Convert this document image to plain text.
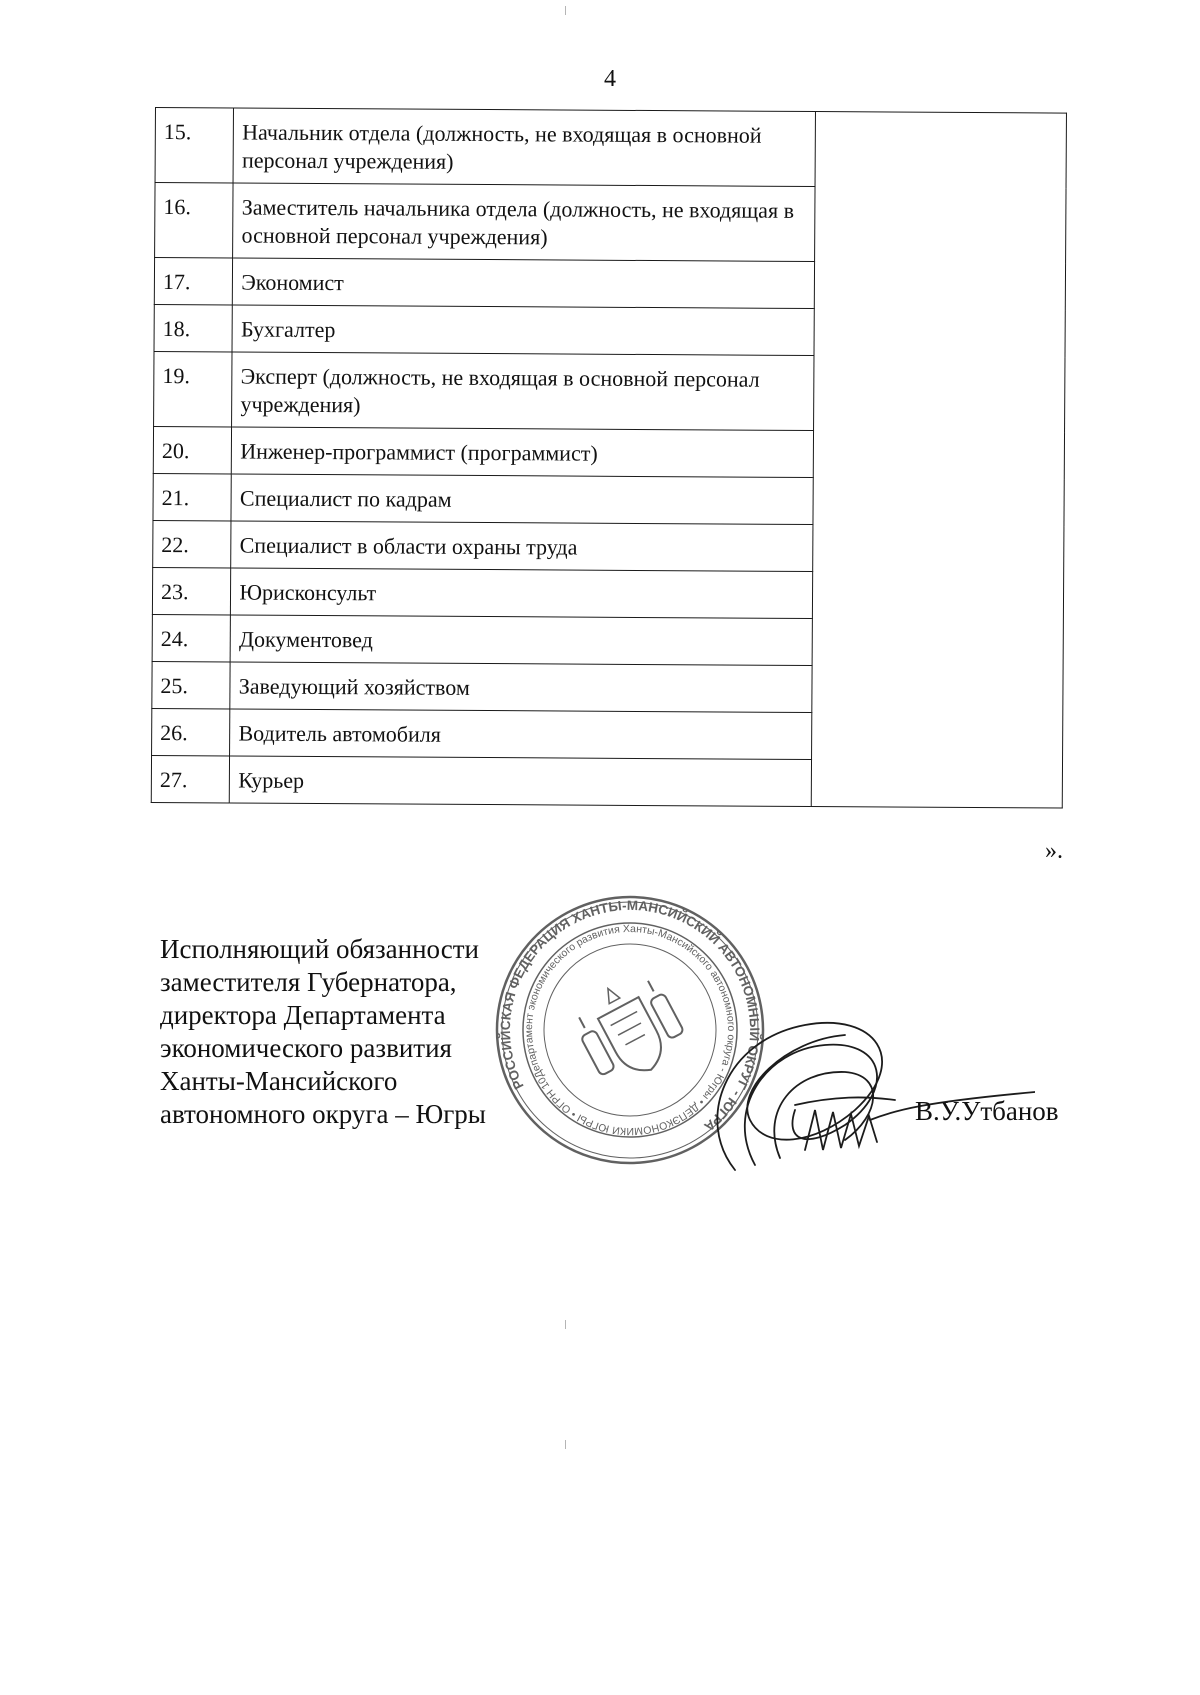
4
15.	Начальник отдела (должность, не входящая в основной персонал учреждения)	
16.	Заместитель начальника отдела (должность, не входящая в основной персонал учреждения)	
17.	Экономист	
18.	Бухгалтер	
19.	Эксперт (должность, не входящая в основной персонал учреждения)	
20.	Инженер-программист (программист)	
21.	Специалист по кадрам	
22.	Специалист в области охраны труда	
23.	Юрисконсульт	
24.	Документовед	
25.	Заведующий хозяйством	
26.	Водитель автомобиля	
27.	Курьер	
».
Исполняющий обязанности
заместителя Губернатора,
директора Департамента
экономического развития
Ханты-Мансийского
автономного округа – Югры
РОССИЙСКАЯ ФЕДЕРАЦИЯ ХАНТЫ-МАНСИЙСКИЙ АВТОНОМНЫЙ ОКРУГ - ЮГРА
Департамент экономического развития Ханты-Мансийского автономного округа - Югры • ДЕПЭКОНОМИКИ ЮГРЫ • ОГРН 1028600515410
В.У.Утбанов
